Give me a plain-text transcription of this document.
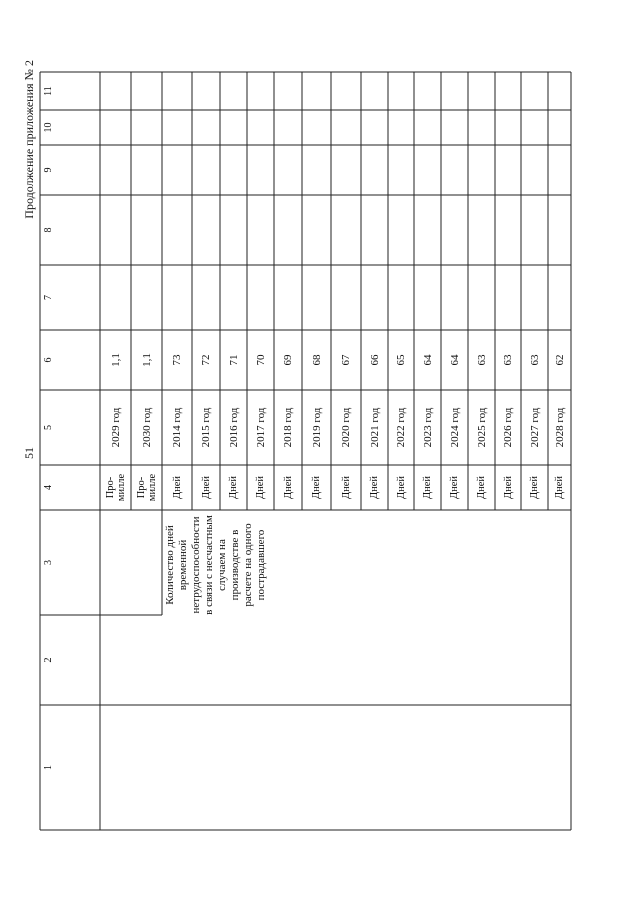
51
Продолжение приложения № 2
1
2
3
4
5
6
7
8
9
10
11
Про-
милле
2029 год
1,1
Про-
милле
2030 год
1,1
Дней
2014 год
73
Дней
2015 год
72
Дней
2016 год
71
Дней
2017 год
70
Дней
2018 год
69
Дней
2019 год
68
Дней
2020 год
67
Дней
2021 год
66
Дней
2022 год
65
Дней
2023 год
64
Дней
2024 год
64
Дней
2025 год
63
Дней
2026 год
63
Дней
2027 год
63
Дней
2028 год
62
Количество дней временной нетрудоспособности в связи с несчастным случаем на производстве в расчете на одного пострадавшего
